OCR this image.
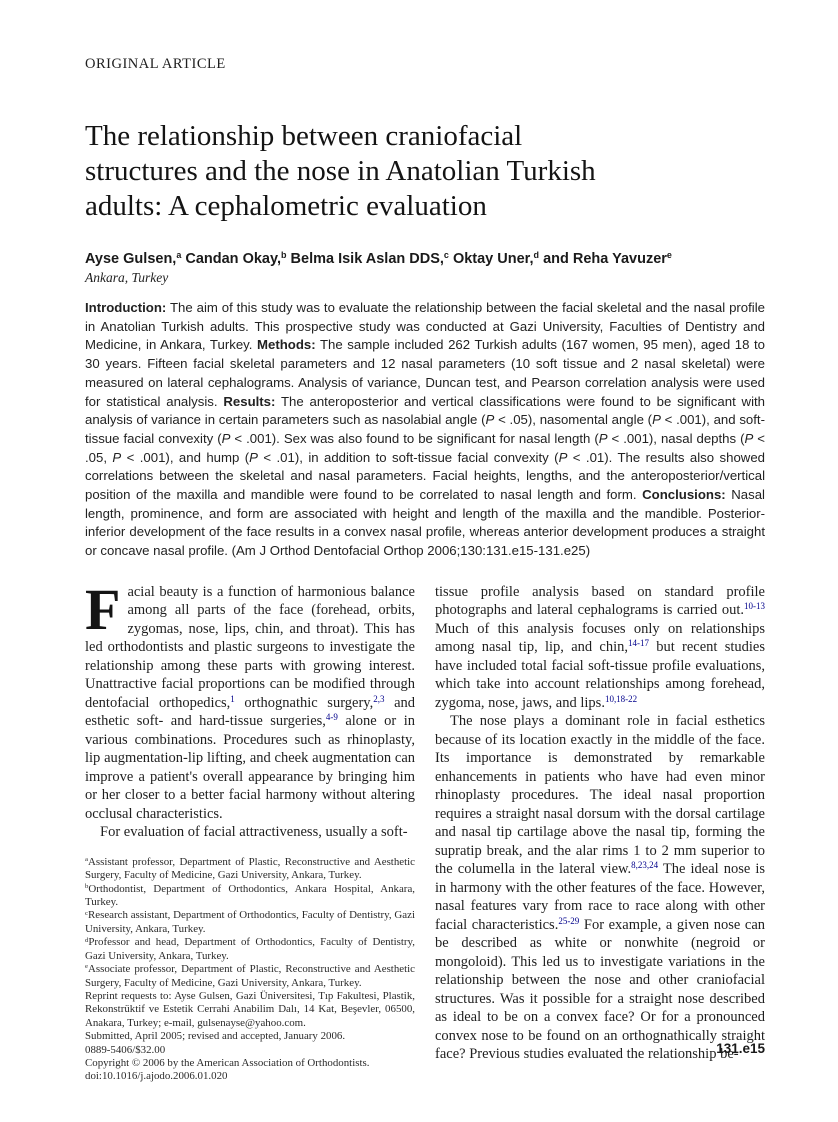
ORIGINAL ARTICLE
The relationship between craniofacial
structures and the nose in Anatolian Turkish
adults: A cephalometric evaluation
Ayse Gulsen,$^a$ Candan Okay,$^b$ Belma Isik Aslan DDS,$^c$ Oktay Uner,$^d$ and Reha Yavuzer$^e$
Ankara, Turkey
Introduction: The aim of this study was to evaluate the relationship between the facial skeletal and the nasal profile in Anatolian Turkish adults. This prospective study was conducted at Gazi University, Faculties of Dentistry and Medicine, in Ankara, Turkey. Methods: The sample included 262 Turkish adults (167 women, 95 men), aged 18 to 30 years. Fifteen facial skeletal parameters and 12 nasal parameters (10 soft tissue and 2 nasal skeletal) were measured on lateral cephalograms. Analysis of variance, Duncan test, and Pearson correlation analysis were used for statistical analysis. Results: The anteroposterior and vertical classifications were found to be significant with analysis of variance in certain parameters such as nasolabial angle (P < .05), nasomental angle (P < .001), and soft-tissue facial convexity (P < .001). Sex was also found to be significant for nasal length (P < .001), nasal depths (P < .05, P < .001), and hump (P < .01), in addition to soft-tissue facial convexity (P < .01). The results also showed correlations between the skeletal and nasal parameters. Facial heights, lengths, and the anteroposterior/vertical position of the maxilla and mandible were found to be correlated to nasal length and form. Conclusions: Nasal length, prominence, and form are associated with height and length of the maxilla and the mandible. Posterior-inferior development of the face results in a convex nasal profile, whereas anterior development produces a straight or concave nasal profile. (Am J Orthod Dentofacial Orthop 2006;130:131.e15-131.e25)

Facial beauty is a function of harmonious balance among all parts of the face (forehead, orbits, zygomas, nose, lips, chin, and throat). This has led orthodontists and plastic surgeons to investigate the relationship among these parts with growing interest. Unattractive facial proportions can be modified through dentofacial orthopedics,$^1$ orthognathic surgery,$^{2,3}$ and esthetic soft- and hard-tissue surgeries,$^{4-9}$ alone or in various combinations. Procedures such as rhinoplasty, lip augmentation-lip lifting, and cheek augmentation can improve a patient's overall appearance by bringing him or her closer to a better facial harmony without altering occlusal characteristics.

For evaluation of facial attractiveness, usually a soft-

$^a$Assistant professor, Department of Plastic, Reconstructive and Aesthetic Surgery, Faculty of Medicine, Gazi University, Ankara, Turkey.

$^b$Orthodontist, Department of Orthodontics, Ankara Hospital, Ankara, Turkey.

$^c$Research assistant, Department of Orthodontics, Faculty of Dentistry, Gazi University, Ankara, Turkey.

$^d$Professor and head, Department of Orthodontics, Faculty of Dentistry, Gazi University, Ankara, Turkey.

$^e$Associate professor, Department of Plastic, Reconstructive and Aesthetic Surgery, Faculty of Medicine, Gazi University, Ankara, Turkey.

Reprint requests to: Ayse Gulsen, Gazi Üniversitesi, Tıp Fakultesi, Plastik, Rekonstrüktif ve Estetik Cerrahi Anabilim Dalı, 14 Kat, Beşevler, 06500, Anakara, Turkey; e-mail, gulsenayse@yahoo.com.

Submitted, April 2005; revised and accepted, January 2006.

0889-5406/$32.00

Copyright © 2006 by the American Association of Orthodontists.

doi:10.1016/j.ajodo.2006.01.020

tissue profile analysis based on standard profile photographs and lateral cephalograms is carried out.$^{10-13}$ Much of this analysis focuses only on relationships among nasal tip, lip, and chin,$^{14-17}$ but recent studies have included total facial soft-tissue profile evaluations, which take into account relationships among forehead, zygoma, nose, jaws, and lips.$^{10,18-22}$

The nose plays a dominant role in facial esthetics because of its location exactly in the middle of the face. Its importance is demonstrated by remarkable enhancements in patients who have had even minor rhinoplasty procedures. The ideal nasal proportion requires a straight nasal dorsum with the dorsal cartilage and nasal tip cartilage above the nasal tip, forming the supratip break, and the alar rims 1 to 2 mm superior to the columella in the lateral view.$^{8,23,24}$ The ideal nose is in harmony with the other features of the face. However, nasal features vary from race to race along with other facial characteristics.$^{25-29}$ For example, a given nose can be described as white or nonwhite (negroid or mongoloid). This led us to investigate variations in the relationship between the nose and other craniofacial structures. Was it possible for a straight nose described as ideal to be on a convex face? Or for a pronounced convex nose to be found on an orthognathically straight face? Previous studies evaluated the relationship be-

131.e15
